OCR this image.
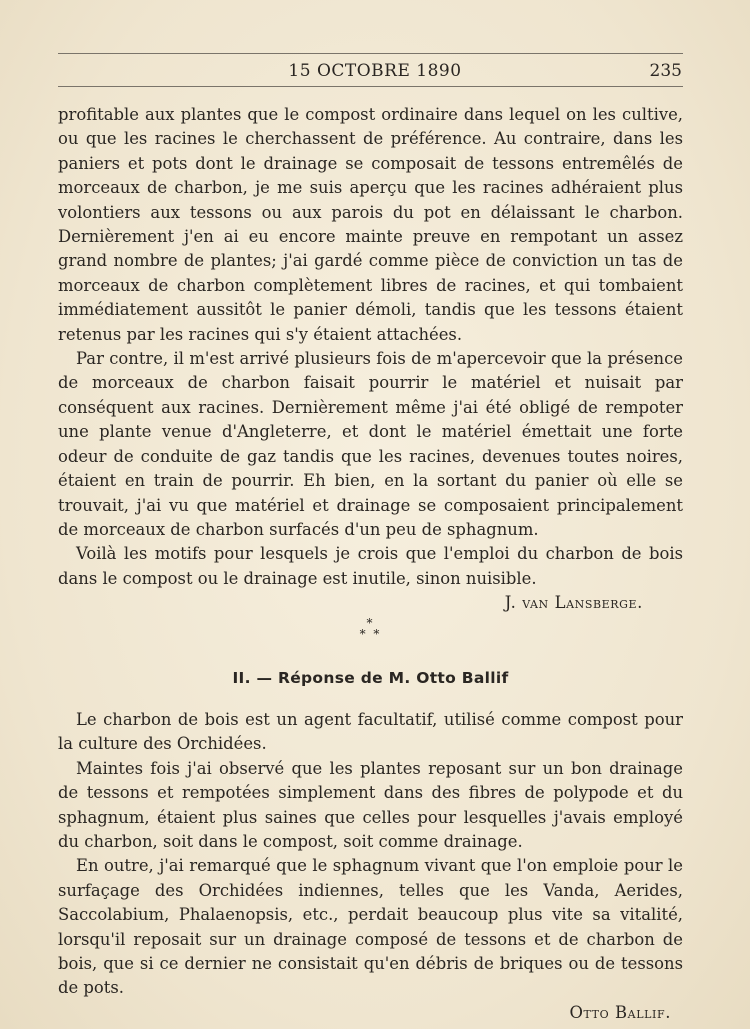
15 OCTOBRE 1890	235

profitable aux plantes que le compost ordinaire dans lequel on les cultive, ou que les racines le cherchassent de préférence. Au contraire, dans les paniers et pots dont le drainage se composait de tessons entremêlés de morceaux de charbon, je me suis aperçu que les racines adhéraient plus volontiers aux tessons ou aux parois du pot en délaissant le charbon. Dernièrement j'en ai eu encore mainte preuve en rempotant un assez grand nombre de plantes; j'ai gardé comme pièce de conviction un tas de morceaux de charbon complètement libres de racines, et qui tombaient immédiatement aussitôt le panier démoli, tandis que les tessons étaient retenus par les racines qui s'y étaient attachées.

Par contre, il m'est arrivé plusieurs fois de m'apercevoir que la présence de morceaux de charbon faisait pourrir le matériel et nuisait par conséquent aux racines. Dernièrement même j'ai été obligé de rempoter une plante venue d'Angleterre, et dont le matériel émettait une forte odeur de conduite de gaz tandis que les racines, devenues toutes noires, étaient en train de pourrir. Eh bien, en la sortant du panier où elle se trouvait, j'ai vu que matériel et drainage se composaient principalement de morceaux de charbon surfacés d'un peu de sphagnum.

Voilà les motifs pour lesquels je crois que l'emploi du charbon de bois dans le compost ou le drainage est inutile, sinon nuisible.

J. van Lansberge.

*
* *
II. — Réponse de M. Otto Ballif

Le charbon de bois est un agent facultatif, utilisé comme compost pour la culture des Orchidées.

Maintes fois j'ai observé que les plantes reposant sur un bon drainage de tessons et rempotées simplement dans des fibres de polypode et du sphagnum, étaient plus saines que celles pour lesquelles j'avais employé du charbon, soit dans le compost, soit comme drainage.

En outre, j'ai remarqué que le sphagnum vivant que l'on emploie pour le surfaçage des Orchidées indiennes, telles que les Vanda, Aerides, Saccolabium, Phalaenopsis, etc., perdait beaucoup plus vite sa vitalité, lorsqu'il reposait sur un drainage composé de tessons et de charbon de bois, que si ce dernier ne consistait qu'en débris de briques ou de tessons de pots.

Otto Ballif.
